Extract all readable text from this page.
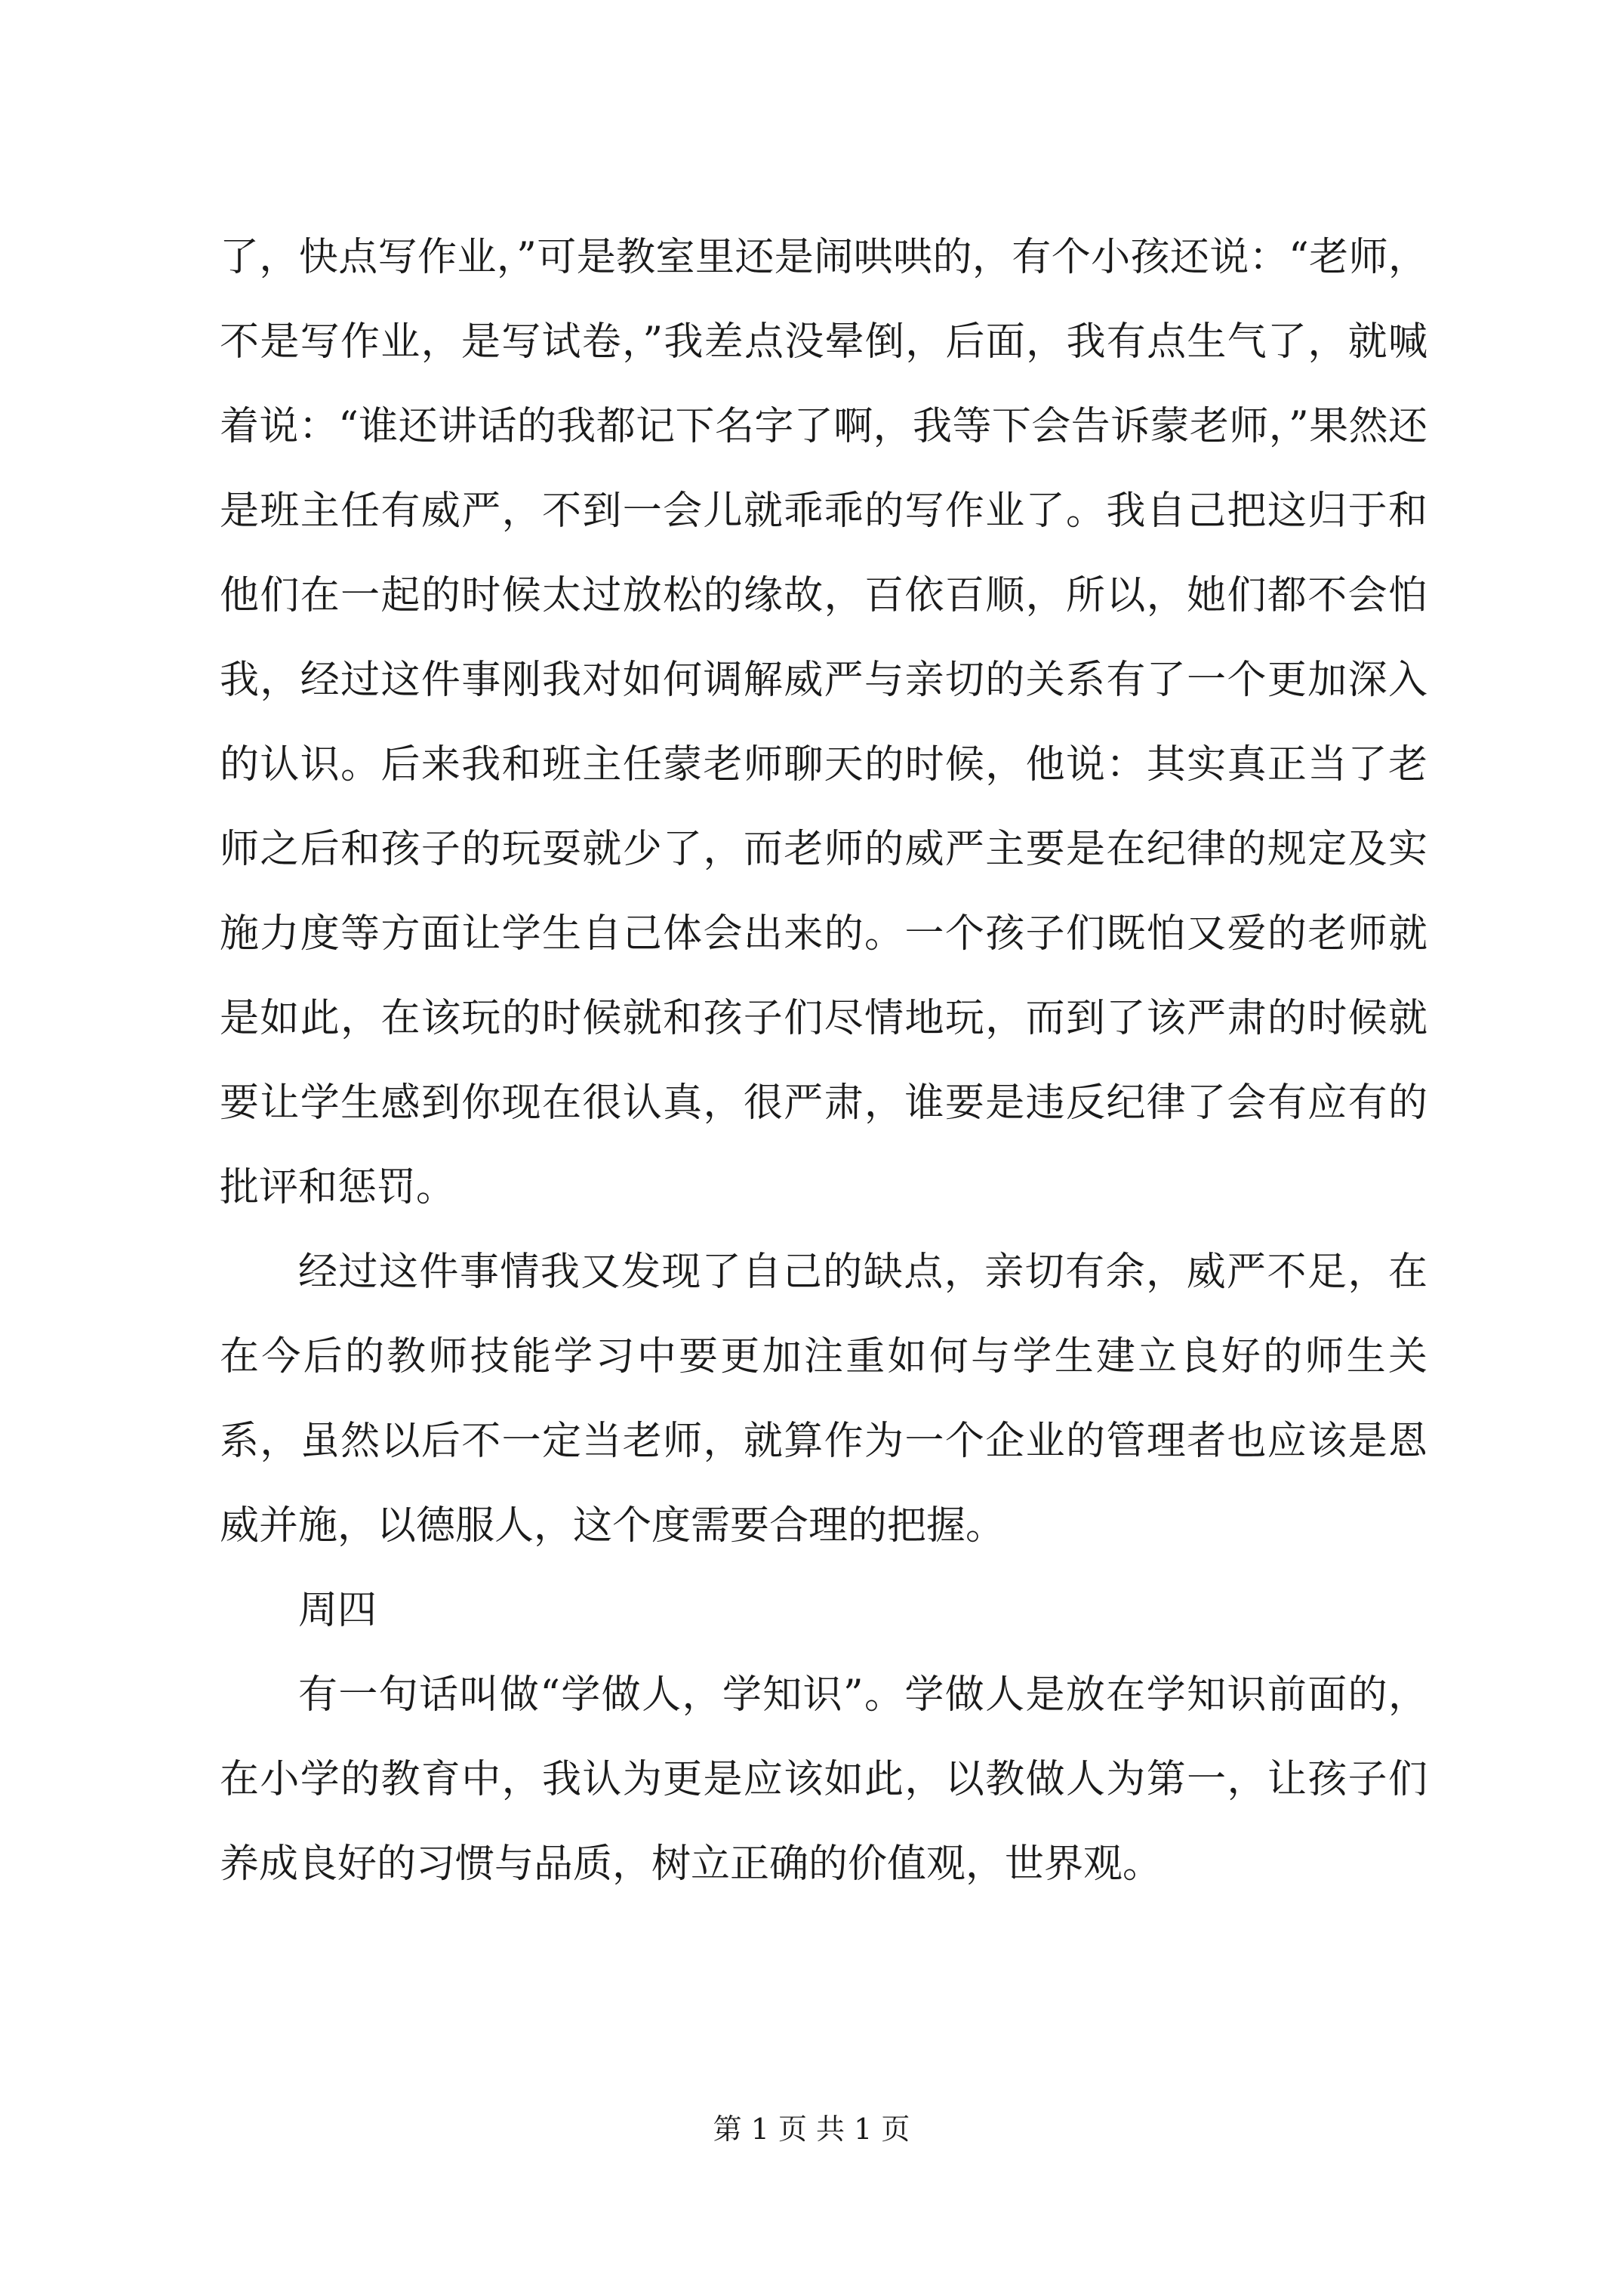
了，快点写作业，”可是教室里还是闹哄哄的，有个小孩还说：“老师，不是写作业，是写试卷，”我差点没晕倒，后面，我有点生气了，就喊着说：“谁还讲话的我都记下名字了啊，我等下会告诉蒙老师，”果然还是班主任有威严，不到一会儿就乖乖的写作业了。我自己把这归于和他们在一起的时候太过放松的缘故，百依百顺，所以，她们都不会怕我，经过这件事刚我对如何调解威严与亲切的关系有了一个更加深入的认识。后来我和班主任蒙老师聊天的时候，他说：其实真正当了老师之后和孩子的玩耍就少了，而老师的威严主要是在纪律的规定及实施力度等方面让学生自己体会出来的。一个孩子们既怕又爱的老师就是如此，在该玩的时候就和孩子们尽情地玩，而到了该严肃的时候就要让学生感到你现在很认真，很严肃，谁要是违反纪律了会有应有的批评和惩罚。

经过这件事情我又发现了自己的缺点，亲切有余，威严不足，在在今后的教师技能学习中要更加注重如何与学生建立良好的师生关系，虽然以后不一定当老师，就算作为一个企业的管理者也应该是恩威并施，以德服人，这个度需要合理的把握。

周四

有一句话叫做“学做人，学知识”。学做人是放在学知识前面的，在小学的教育中，我认为更是应该如此，以教做人为第一，让孩子们养成良好的习惯与品质，树立正确的价值观，世界观。

第 1 页 共 1 页
